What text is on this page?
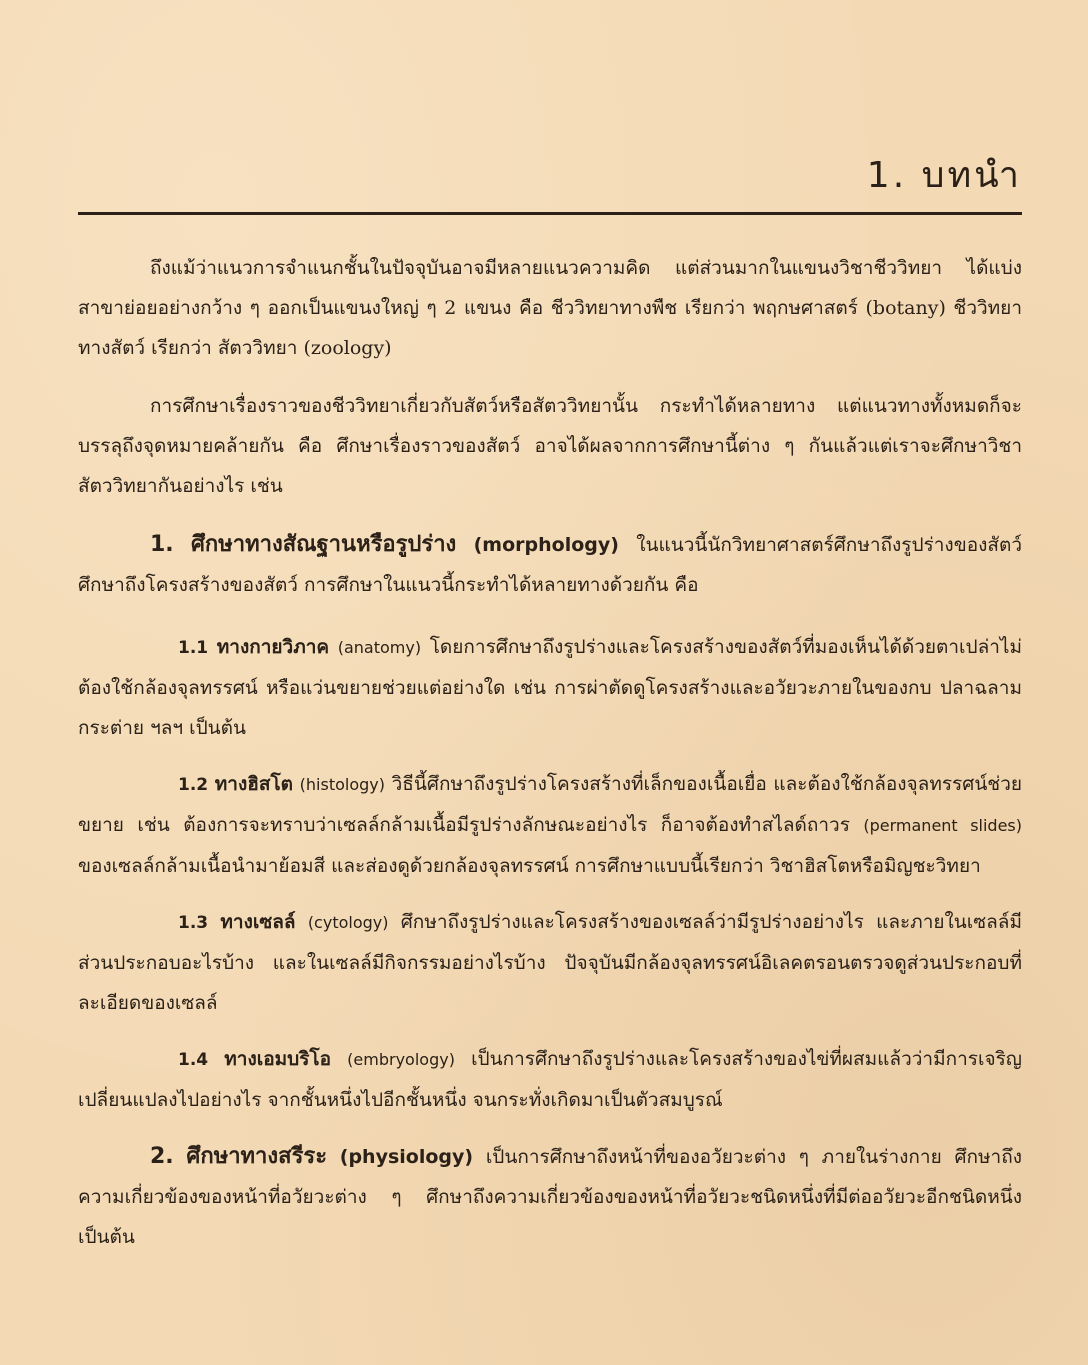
1. บทนำ

ถึงแม้ว่าแนวการจำแนกชั้นในปัจจุบันอาจมีหลายแนวความคิด แต่ส่วนมากในแขนงวิชาชีววิทยา ได้แบ่งสาขาย่อยอย่างกว้าง ๆ ออกเป็นแขนงใหญ่ ๆ 2 แขนง คือ ชีววิทยาทางพืช เรียกว่า พฤกษศาสตร์ (botany) ชีววิทยาทางสัตว์ เรียกว่า สัตววิทยา (zoology)

การศึกษาเรื่องราวของชีววิทยาเกี่ยวกับสัตว์หรือสัตววิทยานั้น กระทำได้หลายทาง แต่แนวทางทั้งหมดก็จะบรรลุถึงจุดหมายคล้ายกัน คือ ศึกษาเรื่องราวของสัตว์ อาจได้ผลจากการศึกษานี้ต่าง ๆ กันแล้วแต่เราจะศึกษาวิชาสัตววิทยากันอย่างไร เช่น

1. ศึกษาทางสัณฐานหรือรูปร่าง (morphology) ในแนวนี้นักวิทยาศาสตร์ศึกษาถึงรูปร่างของสัตว์ ศึกษาถึงโครงสร้างของสัตว์ การศึกษาในแนวนี้กระทำได้หลายทางด้วยกัน คือ

1.1 ทางกายวิภาค (anatomy) โดยการศึกษาถึงรูปร่างและโครงสร้างของสัตว์ที่มองเห็นได้ด้วยตาเปล่าไม่ต้องใช้กล้องจุลทรรศน์ หรือแว่นขยายช่วยแต่อย่างใด เช่น การผ่าตัดดูโครงสร้างและอวัยวะภายในของกบ ปลาฉลาม กระต่าย ฯลฯ เป็นต้น

1.2 ทางฮิสโต (histology) วิธีนี้ศึกษาถึงรูปร่างโครงสร้างที่เล็กของเนื้อเยื่อ และต้องใช้กล้องจุลทรรศน์ช่วยขยาย เช่น ต้องการจะทราบว่าเซลล์กล้ามเนื้อมีรูปร่างลักษณะอย่างไร ก็อาจต้องทำสไลด์ถาวร (permanent slides) ของเซลล์กล้ามเนื้อนำมาย้อมสี และส่องดูด้วยกล้องจุลทรรศน์ การศึกษาแบบนี้เรียกว่า วิชาฮิสโตหรือมิญชะวิทยา

1.3 ทางเซลล์ (cytology) ศึกษาถึงรูปร่างและโครงสร้างของเซลล์ว่ามีรูปร่างอย่างไร และภายในเซลล์มีส่วนประกอบอะไรบ้าง และในเซลล์มีกิจกรรมอย่างไรบ้าง ปัจจุบันมีกล้องจุลทรรศน์อิเลคตรอนตรวจดูส่วนประกอบที่ละเอียดของเซลล์

1.4 ทางเอมบริโอ (embryology) เป็นการศึกษาถึงรูปร่างและโครงสร้างของไข่ที่ผสมแล้วว่ามีการเจริญเปลี่ยนแปลงไปอย่างไร จากชั้นหนึ่งไปอีกชั้นหนึ่ง จนกระทั่งเกิดมาเป็นตัวสมบูรณ์

2. ศึกษาทางสรีระ (physiology) เป็นการศึกษาถึงหน้าที่ของอวัยวะต่าง ๆ ภายในร่างกาย ศึกษาถึงความเกี่ยวข้องของหน้าที่อวัยวะต่าง ๆ ศึกษาถึงความเกี่ยวข้องของหน้าที่อวัยวะชนิดหนึ่งที่มีต่ออวัยวะอีกชนิดหนึ่ง เป็นต้น
